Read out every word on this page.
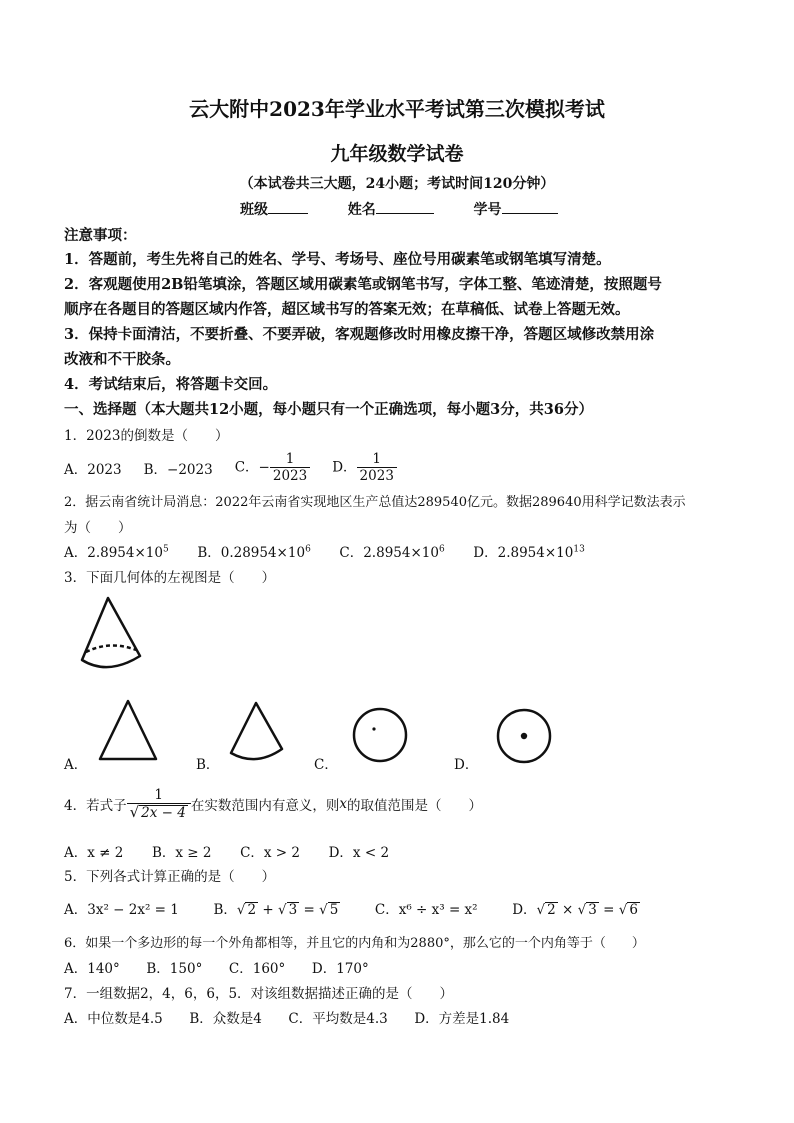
云大附中2023年学业水平考试第三次模拟考试
九年级数学试卷
（本试卷共三大题，24小题；考试时间120分钟）
班级	姓名	学号
注意事项：
1．答题前，考生先将自己的姓名、学号、考场号、座位号用碳素笔或钢笔填写清楚。
2．客观题使用2B铅笔填涂，答题区域用碳素笔或钢笔书写，字体工整、笔迹清楚，按照题号
顺序在各题目的答题区域内作答，超区域书写的答案无效；在草稿低、试卷上答题无效。
3．保持卡面清沽，不要折叠、不要弄破，客观题修改时用橡皮擦干净，答题区域修改禁用涂
改液和不干胶条。
4．考试结束后，将答题卡交回。
一、选择题（本大题共12小题，每小题只有一个正确选项，每小题3分，共36分）
1．2023的倒数是（　　）
A．2023 B．−2023 C．− $\frac{1}{2023}$ D． $\frac{1}{2023}$
2．据云南省统计局消息：2022年云南省实现地区生产总值达289540亿元。数据289640用科学记数法表示
为（　　）
A．$2.8954\times 10^5$ B．$0.28954\times 10^6$ C．$2.8954\times 10^6$ D．$2.8954\times 10^{13}$
3．下面几何体的左视图是（　　）
A．	B．	C．	D．
4．若式子 $\frac{1}{√ 2x - 4}$ 在实数范围内有意义，则 x 的取值范围是（　　）
A．x ≠ 2 B．x ≥ 2 C．x > 2 D．x < 2
5．下列各式计算正确的是（　　）
A．3x² − 2x² = 1	B．√ 2 + √ 3 = √ 5	C．x⁶ ÷ x³ = x²	D．√ 2 × √ 3 = √ 6
6．如果一个多边形的每一个外角都相等，并且它的内角和为2880°，那么它的一个内角等于（　　）
A．140° B．150° C．160° D．170°
7．一组数据2，4，6，6，5．对该组数据描述正确的是（　　）
A．中位数是4.5 B．众数是4 C．平均数是4.3 D．方差是1.84
